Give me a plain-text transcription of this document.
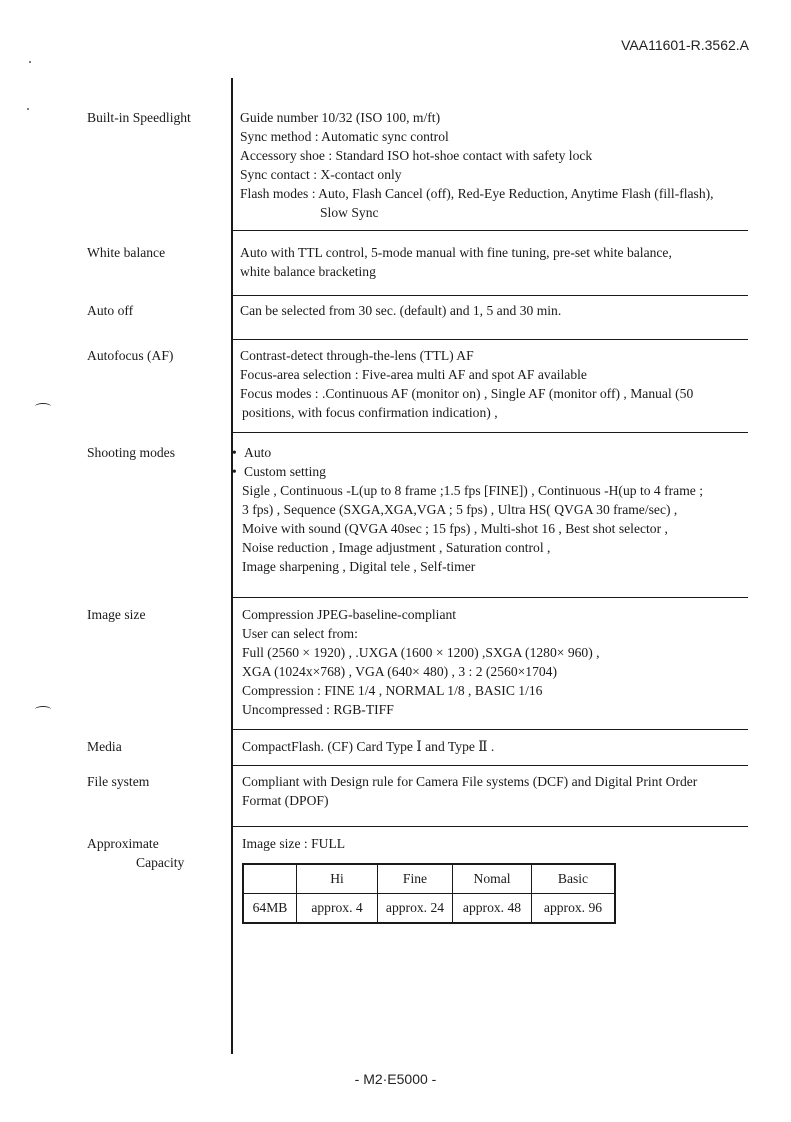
VAA11601-R.3562.A
Built-in Speedlight	Guide number 10/32 (ISO 100, m/ft)
Sync method : Automatic sync control
Accessory shoe : Standard ISO hot-shoe contact with safety lock
Sync contact : X-contact only
Flash modes : Auto, Flash Cancel (off), Red-Eye Reduction, Anytime Flash (fill-flash),
Slow Sync
White balance	Auto with TTL control, 5-mode manual with fine tuning, pre-set white balance,
white balance bracketing
Auto off	Can be selected from 30 sec. (default) and 1, 5 and 30 min.
Autofocus (AF)	Contrast-detect through-the-lens (TTL) AF
Focus-area selection : Five-area multi AF and spot AF available
Focus modes : .Continuous AF (monitor on) , Single AF (monitor off) , Manual (50
positions, with focus confirmation indication) ,
Shooting modes	• Auto
• Custom setting
Sigle , Continuous -L(up to 8 frame ;1.5 fps [FINE]) , Continuous -H(up to 4 frame ;
3 fps) , Sequence (SXGA,XGA,VGA ; 5 fps) , Ultra HS( QVGA 30 frame/sec) ,
Moive with sound (QVGA 40sec ; 15 fps) , Multi-shot 16 , Best shot selector ,
Noise reduction , Image adjustment , Saturation control ,
Image sharpening , Digital tele , Self-timer
Image size	Compression JPEG-baseline-compliant
User can select from:
Full (2560 × 1920) , .UXGA (1600 × 1200) ,SXGA (1280× 960) ,
XGA (1024x×768) , VGA (640× 480) , 3 : 2 (2560×1704)
Compression : FINE 1/4 , NORMAL 1/8 , BASIC 1/16
Uncompressed : RGB-TIFF
Media	CompactFlash. (CF) Card Type Ⅰ and Type Ⅱ .
File system	Compliant with Design rule for Camera File systems (DCF) and Digital Print Order
Format (DPOF)
Approximate
Capacity
Image size : FULL
	Hi	Fine	Nomal	Basic
64MB	approx. 4	approx. 24	approx. 48	approx. 96
- M2·E5000 -
